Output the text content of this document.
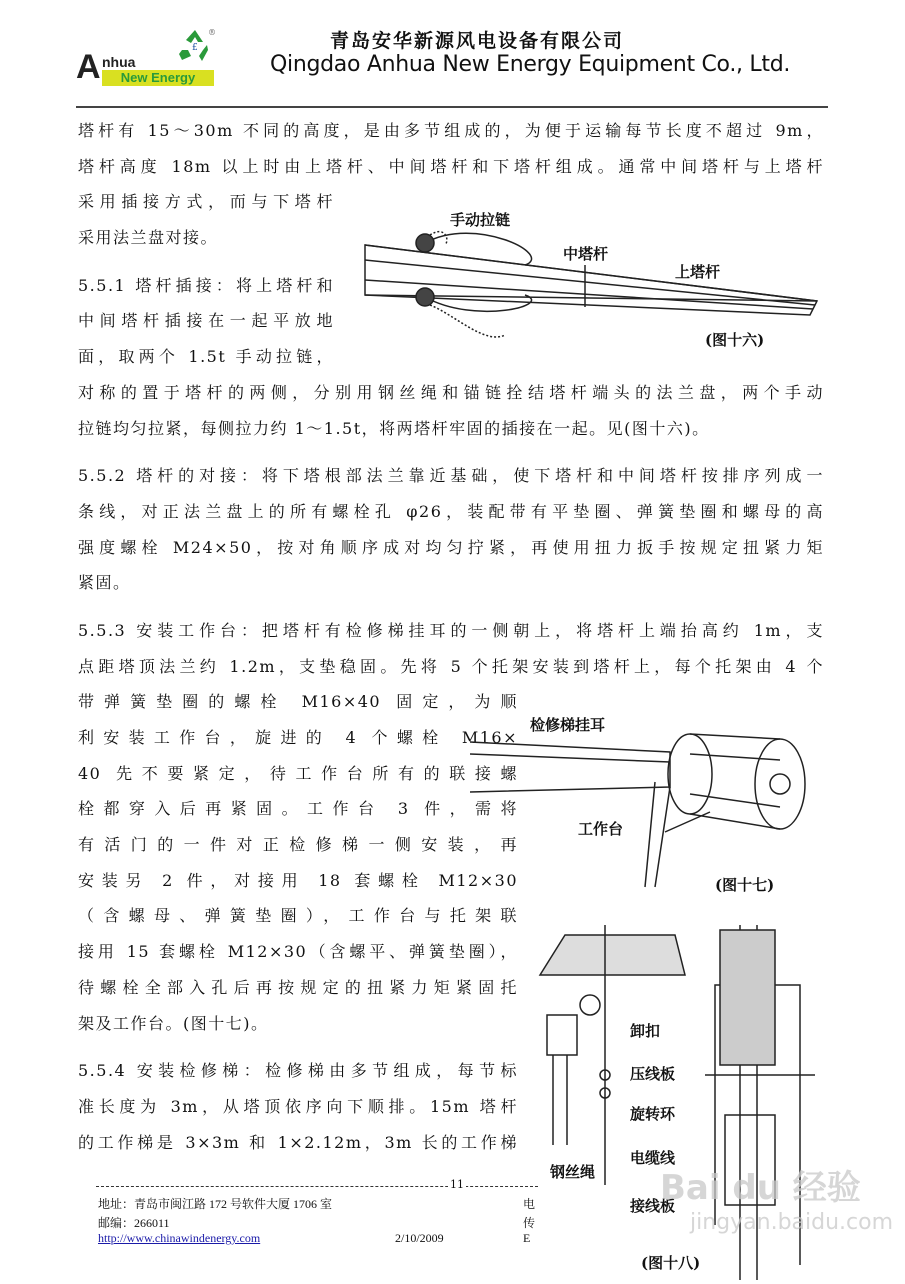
£
®
A nhua
New Energy
青岛安华新源风电设备有限公司
Qingdao Anhua New Energy Equipment Co., Ltd.
塔杆有 15～30m 不同的高度，是由多节组成的，为便于运输每节长度不超过 9m，
塔杆高度 18m 以上时由上塔杆、中间塔杆和下塔杆组成。通常中间塔杆与上塔杆
采用插接方式，而与下塔杆
采用法兰盘对接。
5.5.1 塔杆插接：将上塔杆和
中间塔杆插接在一起平放地
面，取两个 1.5t 手动拉链，
对称的置于塔杆的两侧，分别用钢丝绳和锚链拴结塔杆端头的法兰盘，两个手动
拉链均匀拉紧，每侧拉力约 1～1.5t，将两塔杆牢固的插接在一起。见(图十六)。
5.5.2 塔杆的对接：将下塔根部法兰靠近基础，使下塔杆和中间塔杆按排序列成一
条线，对正法兰盘上的所有螺栓孔 φ26，装配带有平垫圈、弹簧垫圈和螺母的高
强度螺栓 M24×50，按对角顺序成对均匀拧紧，再使用扭力扳手按规定扭紧力矩
紧固。
5.5.3 安装工作台：把塔杆有检修梯挂耳的一侧朝上，将塔杆上端抬高约 1m，支
点距塔顶法兰约 1.2m，支垫稳固。先将 5 个托架安装到塔杆上，每个托架由 4 个
带弹簧垫圈的螺栓 M16×40 固定，为顺
利安装工作台，旋进的 4 个螺栓 M16×
40 先不要紧定，待工作台所有的联接螺
栓都穿入后再紧固。工作台 3 件，需将
有活门的一件对正检修梯一侧安装，再
安装另 2 件，对接用 18 套螺栓 M12×30
（含螺母、弹簧垫圈），工作台与托架联
接用 15 套螺栓 M12×30（含螺平、弹簧垫圈），
待螺栓全部入孔后再按规定的扭紧力矩紧固托
架及工作台。(图十七)。
5.5.4 安装检修梯：检修梯由多节组成，每节标
准长度为 3m，从塔顶依序向下顺排。15m 塔杆
的工作梯是 3×3m 和 1×2.12m，3m 长的工作梯
手动拉链
中塔杆
上塔杆
(图十六)
检修梯挂耳
工作台
(图十七)
卸扣
压线板
旋转环
电缆线
钢丝绳
接线板
(图十八)
11
地址：青岛市闽江路 172 号软件大厦 1706 室
邮编：266011
http://www.chinawindenergy.com	2/10/2009
电
传
E
Bai du 经验
jingyan.baidu.com
